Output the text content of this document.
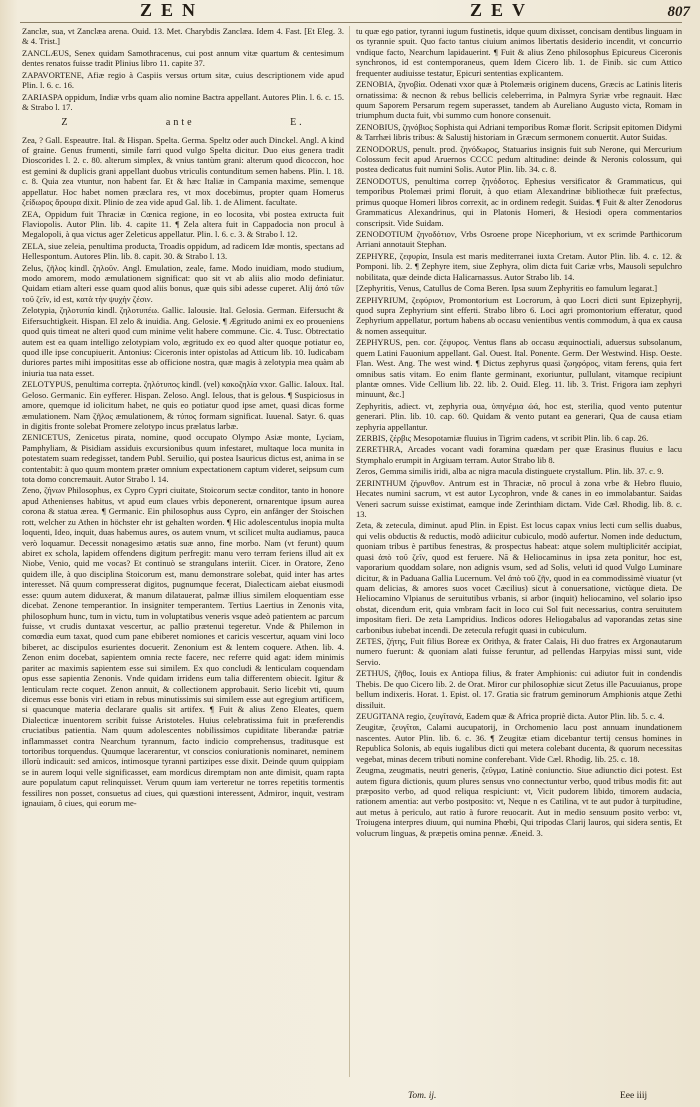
ZEN	ZEV	807

Zanclæ, sua, vt Zanclæa arena. Ouid. 13. Met. Charybdis Zanclæa. Idem 4. Fast. [Et Eleg. 3. & 4. Trist.]

ZANCLÆUS, Senex quidam Samothracenus, cui post annum vitæ quartum & centesimum dentes renatos fuisse tradit Plinius libro 11. capite 37.

ZAPAVORTENE, Afiæ regio à Caspiis versus ortum sitæ, cuius descriptionem vide apud Plin. l. 6. c. 16.

ZARIASPA oppidum, Indiæ vrbs quam alio nomine Bactra appellant. Autores Plin. l. 6. c. 15. & Strabo l. 17.

Z ante E.

Zea, ? Gall. Espeautre. Ital. & Hispan. Spelta. Germa. Speltz oder auch Dinckel. Angl. A kind of graine. Genus frumenti, simile farri quod vulgo Spelta dicitur. Duo eius genera tradit Dioscorides l. 2. c. 80. alterum simplex, & vnius tantùm grani: alterum quod dicoccon, hoc est gemini & duplicis grani appellant duobus vtriculis contunditum semen habens. Plin. l. 18. c. 8. Quia zea vtuntur, non habent far. Et & hæc Italiæ in Campania maxime, semenque appellatur. Hoc habet nomen præclara res, vt mox docebimus, propter quam Homerus ζείδωρος ἄρουρα dixit. Plinio de zea vide apud Gal. lib. 1. de Aliment. facultate.

ZEA, Oppidum fuit Thraciæ in Cœnica regione, in eo locosita, vbi postea extructa fuit Flaviopolis. Autor Plin. lib. 4. capite 11. ¶ Zela altera fuit in Cappadocia non procul à Megalopoli, à qua victus ager Zeleticus appellatur. Plin. l. 6. c. 3. & Strabo l. 12.

ZELA, siue zeleia, penultima producta, Troadis oppidum, ad radicem Idæ montis, spectans ad Hellespontum. Autores Plin. lib. 8. capit. 30. & Strabo l. 13.

Zelus, ζῆλος kindl. ζηλοῦν. Angl. Emulation, zeale, fame. Modo inuidiam, modo studium, modo amorem, modo æmulationem significat: quo sit vt ab aliis alio modo definiatur. Quidam etiam alteri esse quam quod aliis bonus, quæ quis sibi adesse cuperet. Alij ἀπό τῶν τοῦ ζεῖν, id est, κατὰ τὴν ψυχὴν ζέσιν.

Zelotypia, ζηλοτυπία kindl. ζηλοτυπέω. Gallic. Ialousie. Ital. Gelosia. German. Eifersucht & Eifersuchtigkeit. Hispan. El zelo & inuidia. Ang. Gelosie. ¶ Ægritudo animi ex eo proueniens quod quis timeat ne alteri quod cum minime velit habere commune. Cic. 4. Tusc. Obtrectatio autem est ea quam intelligo zelotypiam volo, ægritudo ex eo quod alter quoque potiatur eo, quod ille ipse concupiuerit. Antonius: Ciceronis inter opistolas ad Atticum lib. 10. Iudicabam duriores partes mihi imposititas esse ab officione nostra, quæ magis à zelotypia mea quàm ab iniuria tua nata esset.

ZELOTYPUS, penultima correpta. ζηλότυπος kindl. (vel) κακοζηλία vxor. Gallic. Ialoux. Ital. Geloso. Germanic. Ein eyfferer. Hispan. Zeloso. Angl. Ielous, that is gelous. ¶ Suspiciosus in amore, quemque id iolicitum habet, ne quis eo potiatur quod ipse amet, quasi dicas forme æmulationem. Nam ζῆλος æmulationem, & τύπος formam significat. Iuuenal. Satyr. 6. quas in digitis fronte solebat Promere zelotypo incus prælatus larbæ.

ZENICETUS, Zenicetus pirata, nomine, quod occupato Olympo Asiæ monte, Lyciam, Pamphyliam, & Pisidiam assiduis excursionibus quum infestaret, multaque loca munita in potestatem suam redegisset, tandem Publ. Seruilio, qui postea Isauricus dictus est, anima in se contentabit: à quo quum montem præter omnium expectationem captum videret, seipsum cum tota domo concremauit. Autor Strabo l. 14.

Zeno, ζήνων Philosophus, ex Cypro Cypri ciuitate, Stoicorum sectæ conditor, tanto in honore apud Athenienses habitus, vt apud eum claues vrbis deponerent, ornarentque ipsum aurea corona & statua ærea. ¶ Germanic. Ein philosophus auss Cypro, ein anfänger der Stoischen rott, welcher zu Athen in höchster ehr ist gehalten worden. ¶ Hic adolescentulus inopia multa loquenti, Ideo, inquit, duas habemus aures, os autem vnum, vt scilicet multa audiamus, pauca verò loquamur. Decessit nonagesimo ætatis suæ anno, fine morbo. Nam (vt ferunt) quum abiret ex schola, lapidem offendens digitum perfregit: manu vero terram feriens illud ait ex Niobe, Venio, quid me vocas? Et continuò se strangulans interiit. Cicer. in Oratore, Zeno quidem ille, à quo disciplina Stoicorum est, manu demonstrare solebat, quid inter has artes interesset. Nã quum compresserat digitos, pugnumque fecerat, Dialecticam aiebat eiusmodi esse: quum autem diduxerat, & manum dilatauerat, palmæ illius similem eloquentiam esse dicebat. Zenone temperantior. In insigniter temperantem. Tertius Laertius in Zenonis vita, philosophum hunc, tum in victu, tum in voluptatibus veneris vsque adeò patientem ac parcum fuisse, vt crudis duntaxat vescertur, ac pallio prætenui tegeretur. Vnde & Philemon in comœdia eum taxat, quod cum pane ebiberet nomiones et caricis vescertur, aquam vini loco biberet, ac discipulos esurientes docuerit. Zenonium est & lentem coquere. Athen. lib. 4. Zenon enim docebat, sapientem omnia recte facere, nec referre quid agat: idem minimis pariter ac maximis sapientem esse sui similem. Ex quo concludi & lenticulam coquendam opus esse sapientia Zenonis. Vnde quidam irridens eum talia differentem obiecit. Igitur & lenticulam recte coquet. Zenon annuit, & collectionem approbauit. Serio licebit vti, quum dicemus esse bonis viri etiam in rebus minutissimis sui similem esse aut egregium artificem, si quacunque materia declarare qualis sit artifex. ¶ Fuit & alius Zeno Eleates, quem Dialecticæ inuentorem scribit fuisse Aristoteles. Huius celebratissima fuit in præferendis cruciatibus patientia. Nam quum adolescentes nobilissimos cupiditate liberandæ patriæ inflammasset contra Nearchum tyrannum, facto indicio comprehensus, traditusque est tortoribus torquendus. Quumque lacerarentur, vt conscios coniurationis nominaret, neminem illorù indicauit: sed amicos, intimosque tyranni partizipes esse dixit. Deinde quum quippiam se in aurem loqui velle significasset, eam mordicus diremptam non ante dimisit, quam rapta aure populatum caput relinquisset. Verum quum iam verteretur ne torres repetitis tormentis fessilires non posset, consuetus ad ciues, qui quæstioni interessent, Admiror, inquit, vestram ignauiam, ô ciues, qui eorum me-

tu quæ ego patior, tyranni iugum fustinetis, idque quum dixisset, concisam dentibus linguam in os tyrannie spuit. Quo facto tantus ciuium animos libertatis desiderio incendit, vt concurrio vndique facto, Nearchum lapidauerint. ¶ Fuit & alius Zeno philosophus Epicureus Ciceronis synchronos, id est contemporaneus, quem Idem Cicero lib. 1. de Finib. sic cum Attico frequenter audiuisse testatur, Epicuri sententias explicantem.

ZENOBIA, ζηνοβία. Odenati vxor quæ à Ptolemæis originem ducens, Græcis ac Latinis literis ornatissima: & necnon & rebus bellicis celeberrima, in Palmyra Syriæ vrbe regnauit. Hæc quum Saporem Persarum regem superasset, tandem ab Aureliano Augusto victa, Romam in triumphum ducta fuit, vbi summo cum honore consenuit.

ZENOBIUS, ζηνόβιος Sophista qui Adriani temporibus Romæ florit. Scripsit epitomen Didymi & Tarrhæi libris tribus: & Salustij historiam in Græcum sermonem conuertit. Autor Suidas.

ZENODORUS, penult. prod. ζηνόδωρος, Statuarius insignis fuit sub Nerone, qui Mercurium Colossum fecit apud Aruernos CCCC pedum altitudine: deinde & Neronis colossum, qui postea dedicatus fuit numini Solis. Autor Plin. lib. 34. c. 8.

ZENODOTUS, penultima correp ζηνόδοτος. Ephesius versificator & Grammaticus, qui temporibus Ptolemæi primi floruit, à quo etiam Alexandrinæ bibliothecæ fuit præfectus, primus quoque Homeri libros correxit, ac in ordinem redegit. Suidas. ¶ Fuit & alter Zenodorus Grammaticus Alexandrinus, qui in Platonis Homeri, & Hesiodi opera commentarios conscripsit. Vide Suidam.

ZENODOTIUM ζηνοδότιον, Vrbs Osroene prope Nicephorium, vt ex scrimde Parthicorum Arriani annotauit Stephan.

ZEPHYRE, ζεφυρία, Insula est maris mediterranei iuxta Cretam. Autor Plin. lib. 4. c. 12. & Pomponi. lib. 2. ¶ Zephyre item, siue Zephyra, olim dicta fuit Cariæ vrbs, Mausoli sepulchro nobilitata, quæ deinde dicta Halicarnassus. Autor Strabo lib. 14.

[Zephyritis, Venus, Catullus de Coma Beren. Ipsa suum Zephyritis eo famulum legarat.]

ZEPHYRIUM, ζεφύριον, Promontorium est Locrorum, à quo Locri dicti sunt Epizephyrij, quod supra Zephyrium sint efferti. Strabo libro 6. Loci agri promontorium efferatur, quod Zephyrium appellatur, portum habens ab occasu venientibus ventis commodum, à qua ex causa & nomen assequitur.

ZEPHYRUS, pen. cor. ζέφυρος. Ventus flans ab occasu æquinoctiali, aduersus subsolanum, quem Latini Fauonium appellant. Gal. Ouest. Ital. Ponente. Germ. Der Westwind. Hisp. Oeste. Flan. West. Ang. The west wind. ¶ Dictus zephyrus quasi ζωηφόρος, vitam ferens, quia fert omnibus satis vitam. Eo enim flante germinant, exoriuntur, pullulant, vitamque recipiunt plantæ omnes. Vide Cellium lib. 22. lib. 2. Ouid. Eleg. 11. lib. 3. Trist. Frigora iam zephyri minuunt, &c.]

Zephyritis, adiect. vt, zephyria oua, ὑπηνέμια ὠά, hoc est, sterilia, quod vento putentur generari. Plin. lib. 10. cap. 60. Quidam & vento putant ea generari, Qua de causa etiam zephyria appellantur.

ZERBIS, ζέρβις Mesopotamiæ fluuius in Tigrim cadens, vt scribit Plin. lib. 6 cap. 26.

ZERETHRA, Arcades vocant vadi foramina quædam per quæ Erasinus fluuius e lacu Stymphalo erumpit in Argiuam terram. Autor Strabo lib 8.

Zeros, Gemma similis iridi, alba ac nigra macula distinguete crystallum. Plin. lib. 37. c. 9.

ZERINTHUM ζήρυνθον. Antrum est in Thraciæ, nō procul à zona vrbe & Hebro fluuio, Hecates numini sacrum, vt est autor Lycophron, vnde & canes in eo immolabantur. Saidas Veneri sacrum suisse existimat, eamque inde Zerinthiam dictam. Vide Cæl. Rhodig. lib. 8. c. 13.

Zeta, & zetecula, diminut. apud Plin. in Epist. Est locus capax vnius lecti cum sellis duabus, qui velis obductis & reductis, modò adiicitur cubiculo, modò aufertur. Nomen inde deductum, quoniam tribus è partibus fenestras, & prospectus habeat: atque solem multiplicitér accipiat, quasi ἀπὸ τοῦ ζεῖν, quod est feruere. Nā & Heliocaminus in ipsa zeta ponitur, hoc est, vaporarium quoddam solare, non adignis vsum, sed ad Solis, veluti id quod Vulgo Luminare dicitur, & in Paduana Gallia Lucernum. Vel ἀπὸ τοῦ ζῆν, quod in ea commodissimè viuatur (vt quam delicias, & amores suos vocet Cæcilius) sicut à conuersatione, victùque dieta. De Heliocamino Vlpianus de seruitutibus vrbanis, si arbor (inquit) heliocamino, vel solario ipso obstat, dicendum erit, quia vmbram facit in loco cui Sol fuit necessarius, contra seruitutem impositam fieri. De zeta Lampridius. Indicos odores Heliogabalus ad vaporandas zetas sine carbonibus iubebat incendi. De zetecula refugit quasi in cubiculum.

ZETES, ζήτης, Fuit filius Boreæ ex Orithya, & frater Calais, Hi duo fratres ex Argonautarum numero fuerunt: & quoniam alati fuisse feruntur, ad pellendas Harpyias missi sunt, vide Servio.

ZETHUS, ζῆθος, Iouis ex Antiopa filius, & frater Amphionis: cui adiutor fuit in condendis Thebis. De quo Cicero lib. 2. de Orat. Miror cur philosophiæ sicut Zetus ille Pacuuianus, prope bellum indixeris. Horat. 1. Epist. ol. 17. Gratia sic fratrum geminorum Amphionis atque Zethi dissiluit.

ZEUGITANA regio, ζευγῖτανά, Eadem quæ & Africa propriè dicta. Autor Plin. lib. 5. c. 4.

Zeugitæ, ζευγῖται, Calami aucupatorij, in Orchomenio lacu post annuam inundationem nascentes. Autor Plin. lib. 6. c. 36. ¶ Zeugitæ etiam dicebantur tertij census homines in Republica Solonis, ab equis iugalibus dicti qui metera colebant ducenta, & quorum necessitas vegebat, minas decem tributi nomine conferebant. Vide Cæl. Rhodig. lib. 25. c. 18.

Zeugma, zeugmatis, neutri generis, ζεῦγμα, Latinè coniunctio. Siue adiunctio dici potest. Est autem figura dictionis, quum plures sensus vno connectuntur verbo, quod tribus modis fit: aut præposito verbo, ad quod reliqua respiciunt: vt, Vicit pudorem libido, timorem audacia, rationem amentia: aut verbo postposito: vt, Neque n es Catilina, vt te aut pudor à turpitudine, aut metus à periculo, aut ratio à furore reuocarit. Aut in medio sensuum posito verbo: vt, Troiugena interpres diuum, qui numina Phœbi, Qui tripodas Clarij lauros, qui sidera sentis, Et volucrum linguas, & præpetis omina pennæ. Æneid. 3.

Tom. ij.	Eee iiij
